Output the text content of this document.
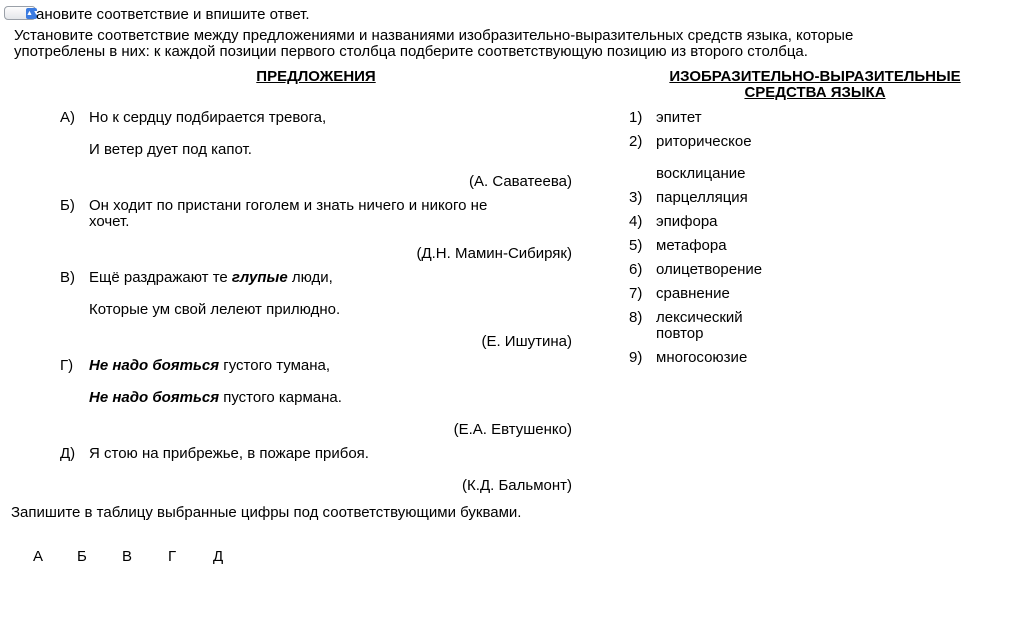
▲▼
ановите соответствие и впишите ответ.
Установите соответствие между предложениями и названиями изобразительно-выразительных средств языка, которые
употреблены в них: к каждой позиции первого столбца подберите соответствующую позицию из второго столбца.
ПРЕДЛОЖЕНИЯ	ИЗОБРАЗИТЕЛЬНО-ВЫРАЗИТЕЛЬНЫЕ
СРЕДСТВА ЯЗЫКА
А) Но к сердцу подбирается тревога,
И ветер дует под капот.
(А. Саватеева)
Б) Он ходит по пристани гоголем и знать ничего и никого не
хочет.
(Д.Н. Мамин-Сибиряк)
В) Ещё раздражают те глупые люди,
Которые ум свой лелеют прилюдно.
(Е. Ишутина)
Г)	Не надо бояться густого тумана,
Не надо бояться пустого кармана.
(Е.А. Евтушенко)
Д) Я стою на прибрежье, в пожаре прибоя.
(К.Д. Бальмонт)
1) эпитет
2) риторическое
восклицание
3) парцелляция
4) эпифора
5) метафора
6) олицетворение
7) сравнение
8) лексический
повтор
9) многосоюзие
Запишите в таблицу выбранные цифры под соответствующими буквами.
А Б В Г Д
